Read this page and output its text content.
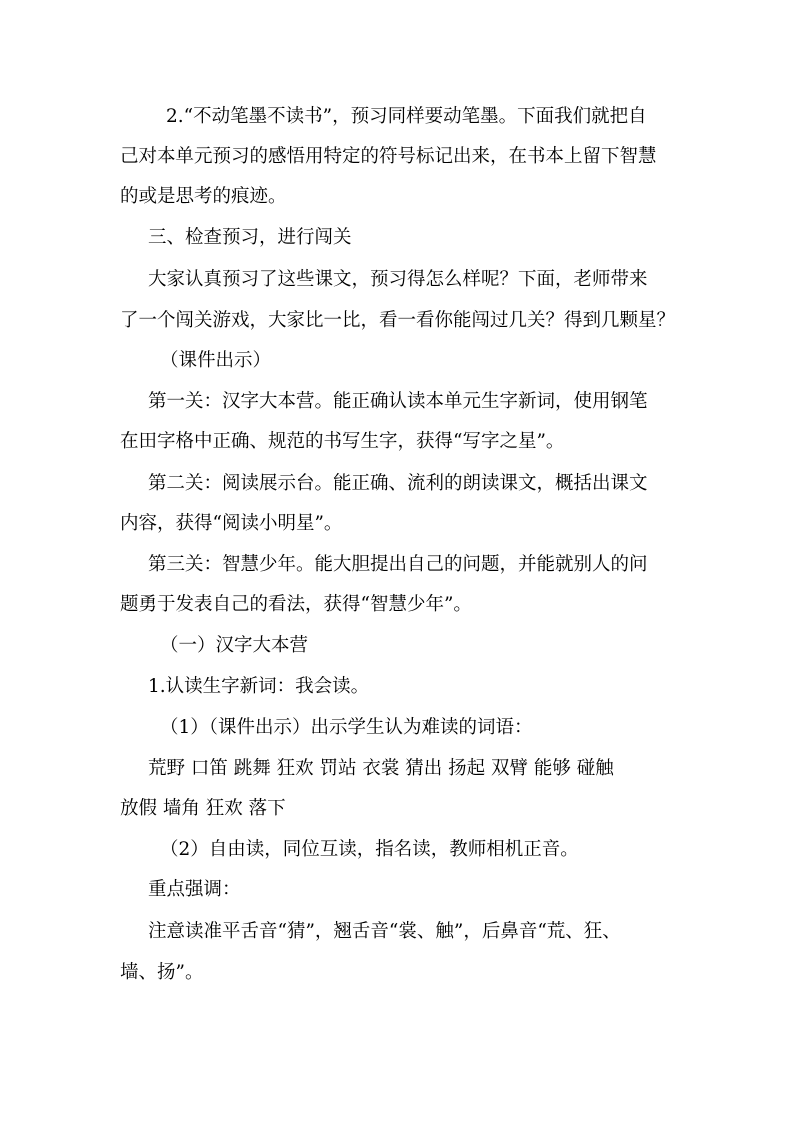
2.“不动笔墨不读书”，预习同样要动笔墨。下面我们就把自
己对本单元预习的感悟用特定的符号标记出来，在书本上留下智慧
的或是思考的痕迹。
三、检查预习，进行闯关
大家认真预习了这些课文，预习得怎么样呢？下面，老师带来
了一个闯关游戏，大家比一比，看一看你能闯过几关？得到几颗星？
（课件出示）
第一关：汉字大本营。能正确认读本单元生字新词，使用钢笔
在田字格中正确、规范的书写生字，获得“写字之星”。
第二关：阅读展示台。能正确、流利的朗读课文，概括出课文
内容，获得“阅读小明星”。
第三关：智慧少年。能大胆提出自己的问题，并能就别人的问
题勇于发表自己的看法，获得“智慧少年”。
（一）汉字大本营
1.认读生字新词：我会读。
（1）（课件出示）出示学生认为难读的词语：
荒野 口笛 跳舞 狂欢 罚站 衣裳 猜出 扬起 双臂 能够 碰触
放假 墙角 狂欢 落下
（2）自由读，同位互读，指名读，教师相机正音。
重点强调：
注意读准平舌音“猜”，翘舌音“裳、触”，后鼻音“荒、狂、
墙、扬”。
